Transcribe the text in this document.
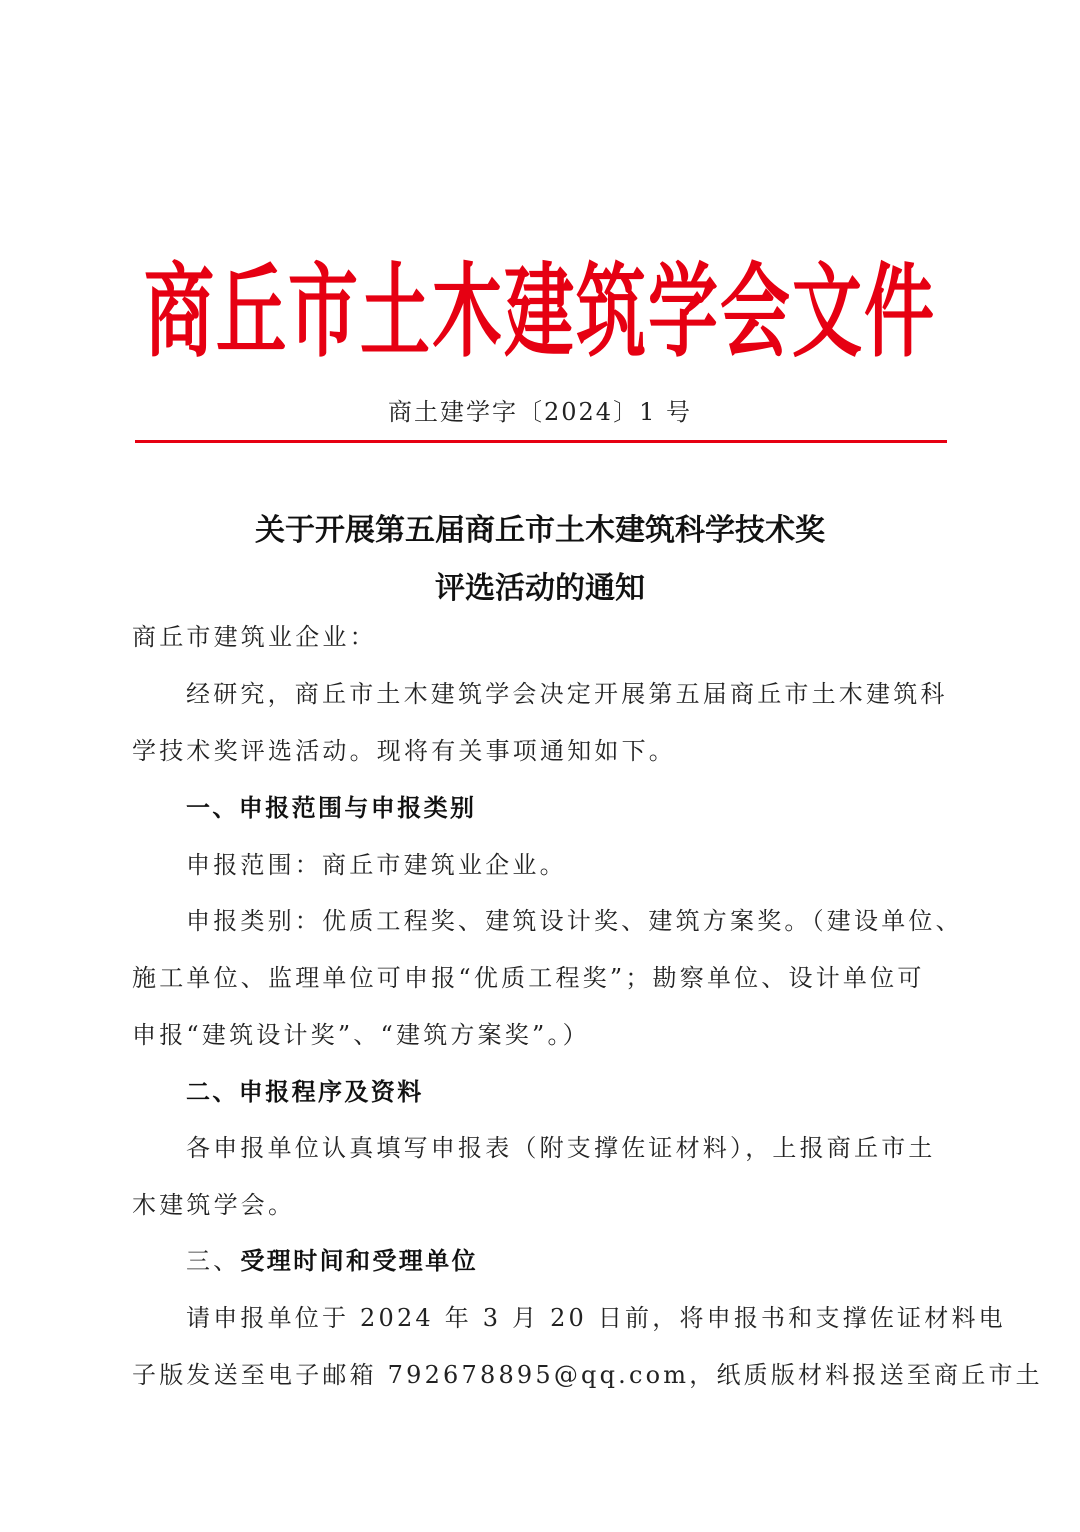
商丘市土木建筑学会文件
商土建学字〔2024〕1 号
关于开展第五届商丘市土木建筑科学技术奖
评选活动的通知
商丘市建筑业企业：
经研究，商丘市土木建筑学会决定开展第五届商丘市土木建筑科
学技术奖评选活动。现将有关事项通知如下。
一、申报范围与申报类别
申报范围：商丘市建筑业企业。
申报类别：优质工程奖、建筑设计奖、建筑方案奖。（建设单位、
施工单位、监理单位可申报“优质工程奖”；勘察单位、设计单位可
申报“建筑设计奖”、“建筑方案奖”。）
二、申报程序及资料
各申报单位认真填写申报表（附支撑佐证材料），上报商丘市土
木建筑学会。
三、受理时间和受理单位
请申报单位于 2024 年 3 月 20 日前，将申报书和支撑佐证材料电
子版发送至电子邮箱 792678895@qq.com，纸质版材料报送至商丘市土
